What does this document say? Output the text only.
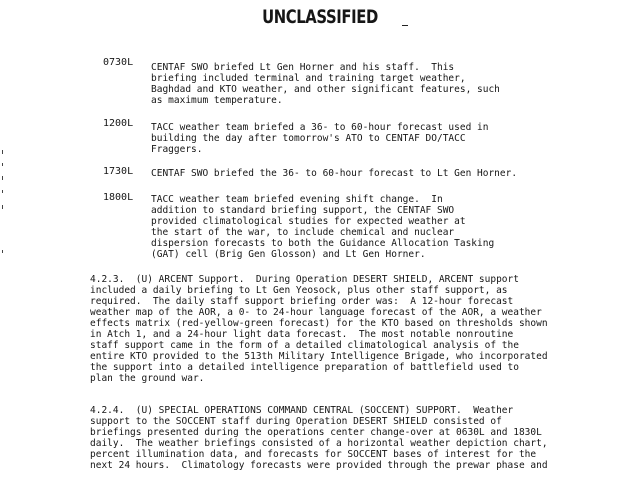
UNCLASSIFIED
0730L CENTAF SWO briefed Lt Gen Horner and his staff.  This
briefing included terminal and training target weather,
Baghdad and KTO weather, and other significant features, such
as maximum temperature.
1200L TACC weather team briefed a 36- to 60-hour forecast used in
building the day after tomorrow's ATO to CENTAF DO/TACC
Fraggers.
1730L CENTAF SWO briefed the 36- to 60-hour forecast to Lt Gen Horner.
1800L TACC weather team briefed evening shift change.  In
addition to standard briefing support, the CENTAF SWO
provided climatological studies for expected weather at
the start of the war, to include chemical and nuclear
dispersion forecasts to both the Guidance Allocation Tasking
(GAT) cell (Brig Gen Glosson) and Lt Gen Horner.
4.2.3.  (U) ARCENT Support.  During Operation DESERT SHIELD, ARCENT support
included a daily briefing to Lt Gen Yeosock, plus other staff support, as
required.  The daily staff support briefing order was:  A 12-hour forecast
weather map of the AOR, a 0- to 24-hour language forecast of the AOR, a weather
effects matrix (red-yellow-green forecast) for the KTO based on thresholds shown
in Atch 1, and a 24-hour light data forecast.  The most notable nonroutine
staff support came in the form of a detailed climatological analysis of the
entire KTO provided to the 513th Military Intelligence Brigade, who incorporated
the support into a detailed intelligence preparation of battlefield used to
plan the ground war.
4.2.4.  (U) SPECIAL OPERATIONS COMMAND CENTRAL (SOCCENT) SUPPORT.  Weather
support to the SOCCENT staff during Operation DESERT SHIELD consisted of
briefings presented during the operations center change-over at 0630L and 1830L
daily.  The weather briefings consisted of a horizontal weather depiction chart,
percent illumination data, and forecasts for SOCCENT bases of interest for the
next 24 hours.  Climatology forecasts were provided through the prewar phase and
